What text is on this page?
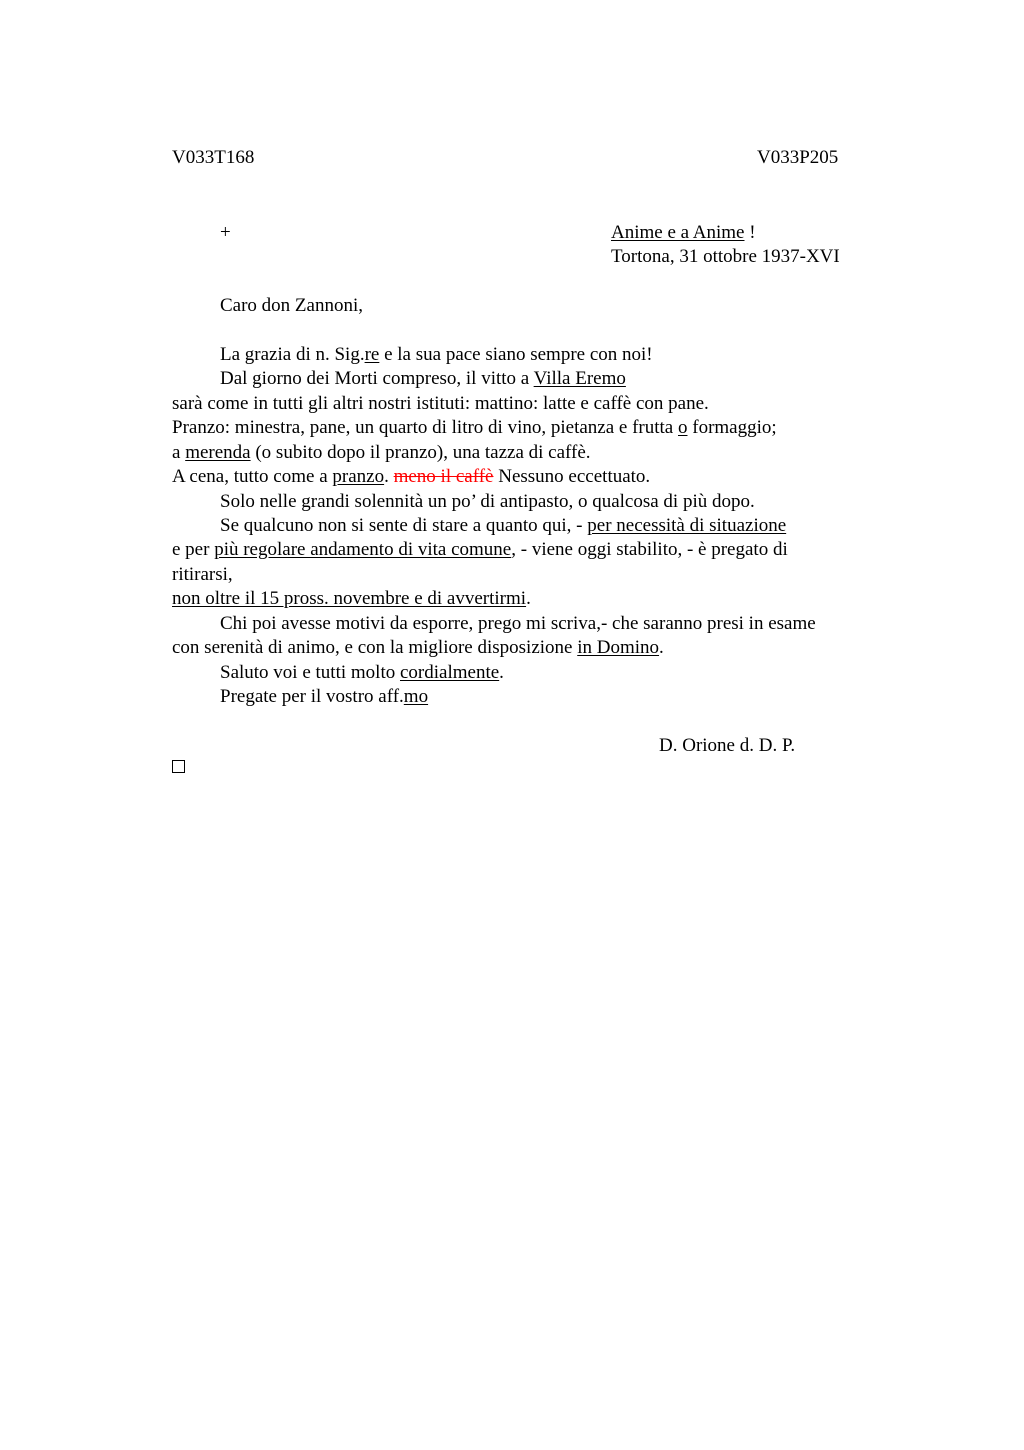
V033T168	V033P205
+	Anime e a Anime !
Tortona, 31 ottobre 1937-XVI
Caro don Zannoni,
La grazia di n. Sig.re e la sua pace siano sempre con noi!
Dal giorno dei Morti compreso, il vitto a Villa Eremo
sarà come in tutti gli altri nostri istituti: mattino: latte e caffè con pane.
Pranzo: minestra, pane, un quarto di litro di vino, pietanza e frutta o formaggio;
a merenda (o subito dopo il pranzo), una tazza di caffè.
A cena, tutto come a pranzo. meno il caffè Nessuno eccettuato.
Solo nelle grandi solennità un po’ di antipasto, o qualcosa di più dopo.
Se qualcuno non si sente di stare a quanto qui, - per necessità di situazione
e per più regolare andamento di vita comune, - viene oggi stabilito, - è pregato di
ritirarsi,
non oltre il 15 pross. novembre e di avvertirmi.
Chi poi avesse motivi da esporre, prego mi scriva,- che saranno presi in esame
con serenità di animo, e con la migliore disposizione in Domino.
Saluto voi e tutti molto cordialmente.
Pregate per il vostro aff.mo
D. Orione d. D. P.
